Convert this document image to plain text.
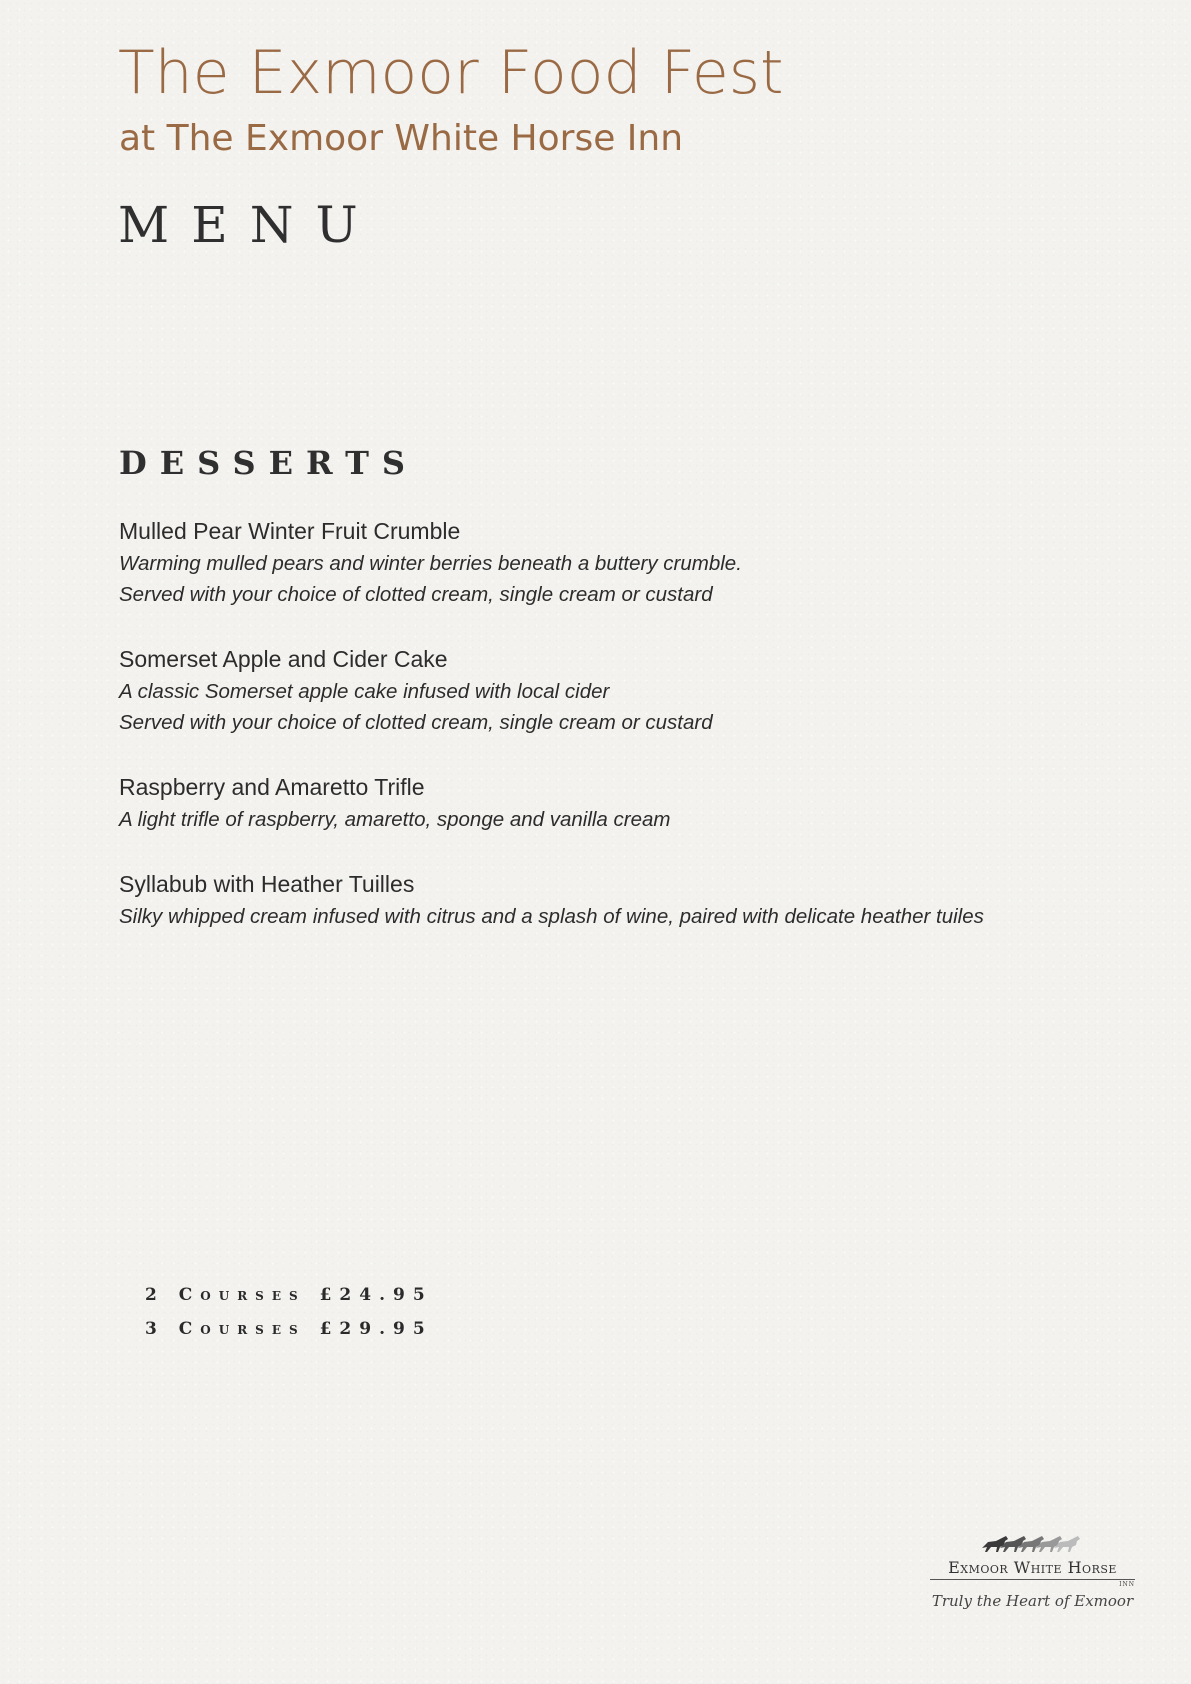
The Exmoor Food Fest
at The Exmoor White Horse Inn
MENU
DESSERTS
Mulled Pear Winter Fruit Crumble
Warming mulled pears and winter berries beneath a buttery crumble.
Served with your choice of clotted cream, single cream or custard
Somerset Apple and Cider Cake
A classic Somerset apple cake infused with local cider
Served with your choice of clotted cream, single cream or custard
Raspberry and Amaretto Trifle
A light trifle of raspberry, amaretto, sponge and vanilla cream
Syllabub with Heather Tuilles
Silky whipped cream infused with citrus and a splash of wine, paired with delicate heather tuiles
2 Courses £24.95
3 Courses £29.95
Exmoor White Horse
INN
Truly the Heart of Exmoor
